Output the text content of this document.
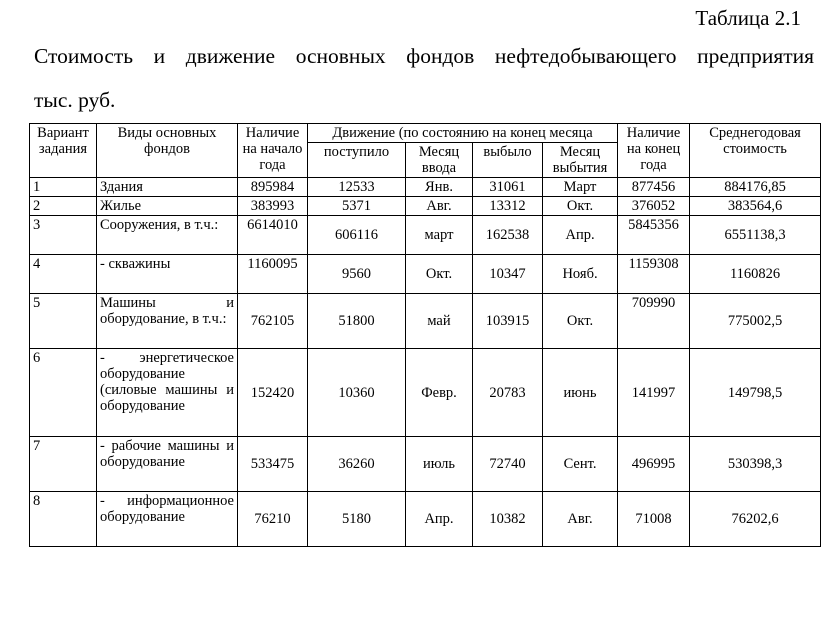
Таблица 2.1
Стоимость и движение основных фондов нефтедобывающего предприятия
тыс. руб.
Вариант задания	Виды основных фондов	Наличие на начало года	Движение (по состоянию на конец месяца				Наличие на конец года	Среднегодовая стоимость
			поступило	Месяц ввода	выбыло	Месяц выбытия		
1	Здания	895984	12533	Янв.	31061	Март	877456	884176,85
2	Жилье	383993	5371	Авг.	13312	Окт.	376052	383564,6
3	Сооружения, в т.ч.:	6614010	606116	март	162538	Апр.	5845356	6551138,3
4	- скважины	1160095	9560	Окт.	10347	Нояб.	1159308	1160826
5	Машины и оборудование, в т.ч.:	762105	51800	май	103915	Окт.	709990	775002,5
6	- энергетическое оборудование (силовые машины и оборудование	152420	10360	Февр.	20783	июнь	141997	149798,5
7	- рабочие машины и оборудование	533475	36260	июль	72740	Сент.	496995	530398,3
8	- информационное оборудование	76210	5180	Апр.	10382	Авг.	71008	76202,6
